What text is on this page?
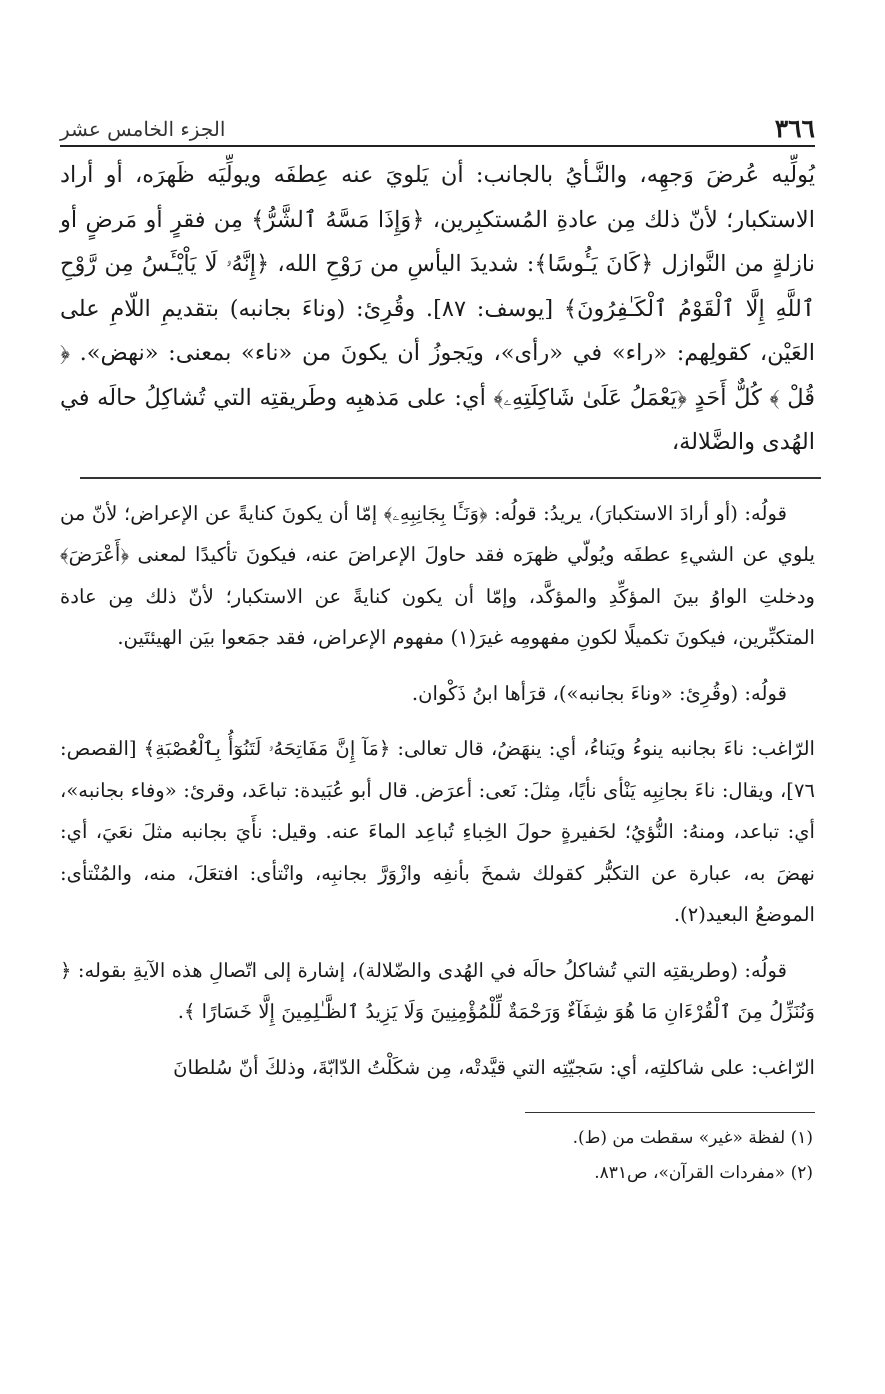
٣٦٦
الجزء الخامس عشر

يُولِّيه عُرضَ وَجهِه، والنَّـأيُ بالجانب: أن يَلويَ عنه عِطفَه ويولِّيَه ظَهرَه، أو أراد الاستكبار؛ لأنّ ذلك مِن عادةِ المُستكبِرين، ﴿وَإِذَا مَسَّهُ ٱلشَّرُّ﴾ مِن فقرٍ أو مَرضٍ أو نازلةٍ من النَّوازل ﴿كَانَ يَـُٔوسًا﴾: شديدَ اليأسِ من رَوْحِ الله، ﴿إِنَّهُۥ لَا يَاْيْـَٔسُ مِن رَّوْحِ ٱللَّهِ إِلَّا ٱلْقَوْمُ ٱلْكَـٰفِرُونَ﴾ [يوسف: ٨٧]. وقُرِئ: (وناءَ بجانبه) بتقديمِ اللّامِ على العَيْن، كقولِهم: «راء» في «رأى»، ويَجوزُ أن يكونَ من «ناء» بمعنى: «نهض». ﴿ قُلْ ﴾ كُلٌّ أَحَدٍ ﴿يَعْمَلُ عَلَىٰ شَاكِلَتِهِۦ﴾ أي: على مَذهبِه وطَريقتِه التي تُشاكِلُ حالَه في الهُدى والضَّلالة،

قولُه: (أو أرادَ الاستكبارَ)، يريدُ: قولُه: ﴿وَنَـَٔا بِجَانِبِهِۦ﴾ إمّا أن يكونَ كنايةً عن الإعراض؛ لأنّ من يلوي عن الشيءِ عطفَه ويُولّي ظهرَه فقد حاولَ الإعراضَ عنه، فيكونَ تأكيدًا لمعنى ﴿أَعْرَضَ﴾ ودخلتِ الواوُ بينَ المؤكِّدِ والمؤكَّد، وإمّا أن يكون كنايةً عن الاستكبار؛ لأنّ ذلك مِن عادة المتكبِّرين، فيكونَ تكميلًا لكونِ مفهومِه غيرَ(١) مفهوم الإعراض، فقد جمَعوا بيَن الهيئتَين.

قولُه: (وقُرِئ: «وناءَ بجانبه»)، قرَأها ابنُ ذَكْوان.

الرّاغب: ناءَ بجانبه ينوءُ ويَناءُ، أي: ينهَضُ، قال تعالى: ﴿مَآ إِنَّ مَفَاتِحَهُۥ لَتَنُوٓأُ بِٱلْعُصْبَةِ﴾ [القصص: ٧٦]، ويقال: ناءَ بجانِبِه يَنْأى نأيًا، مِثلَ: نَعى: أعرَض. قال أبو عُبَيدة: تباعَد، وقرئ: «وفاء بجانبه»، أي: تباعد، ومنهُ: النُّؤيُ؛ لحَفيرةٍ حولَ الخِباءِ تُباعِد الماءَ عنه. وقيل: نأَيَ بجانبه مثلَ نعَيَ، أي: نهضَ به، عبارة عن التكبُّر كقولك شمخَ بأنفِه وازْوَرَّ بجانبِه، وانْتأى: افتعَلَ، منه، والمُنْتأى: الموضعُ البعيد(٢).

قولُه: (وطريقتِه التي تُشاكلُ حالَه في الهُدى والضّلالة)، إشارة إلى اتّصالِ هذه الآيةِ بقوله: ﴿ وَنُنَزِّلُ مِنَ ٱلْقُرْءَانِ مَا هُوَ شِفَآءٌ وَرَحْمَةٌ لِّلْمُؤْمِنِينَ وَلَا يَزِيدُ ٱلظَّـٰلِمِينَ إِلَّا خَسَارًا ﴾.

الرّاغب: على شاكلتِه، أي: سَجيّتِه التي قيَّدتْه، مِن شكَلْتُ الدّابّةَ، وذلكَ أنّ سُلطانَ

(١) لفظة «غير» سقطت من (ط).

(٢) «مفردات القرآن»، ص٨٣١.
